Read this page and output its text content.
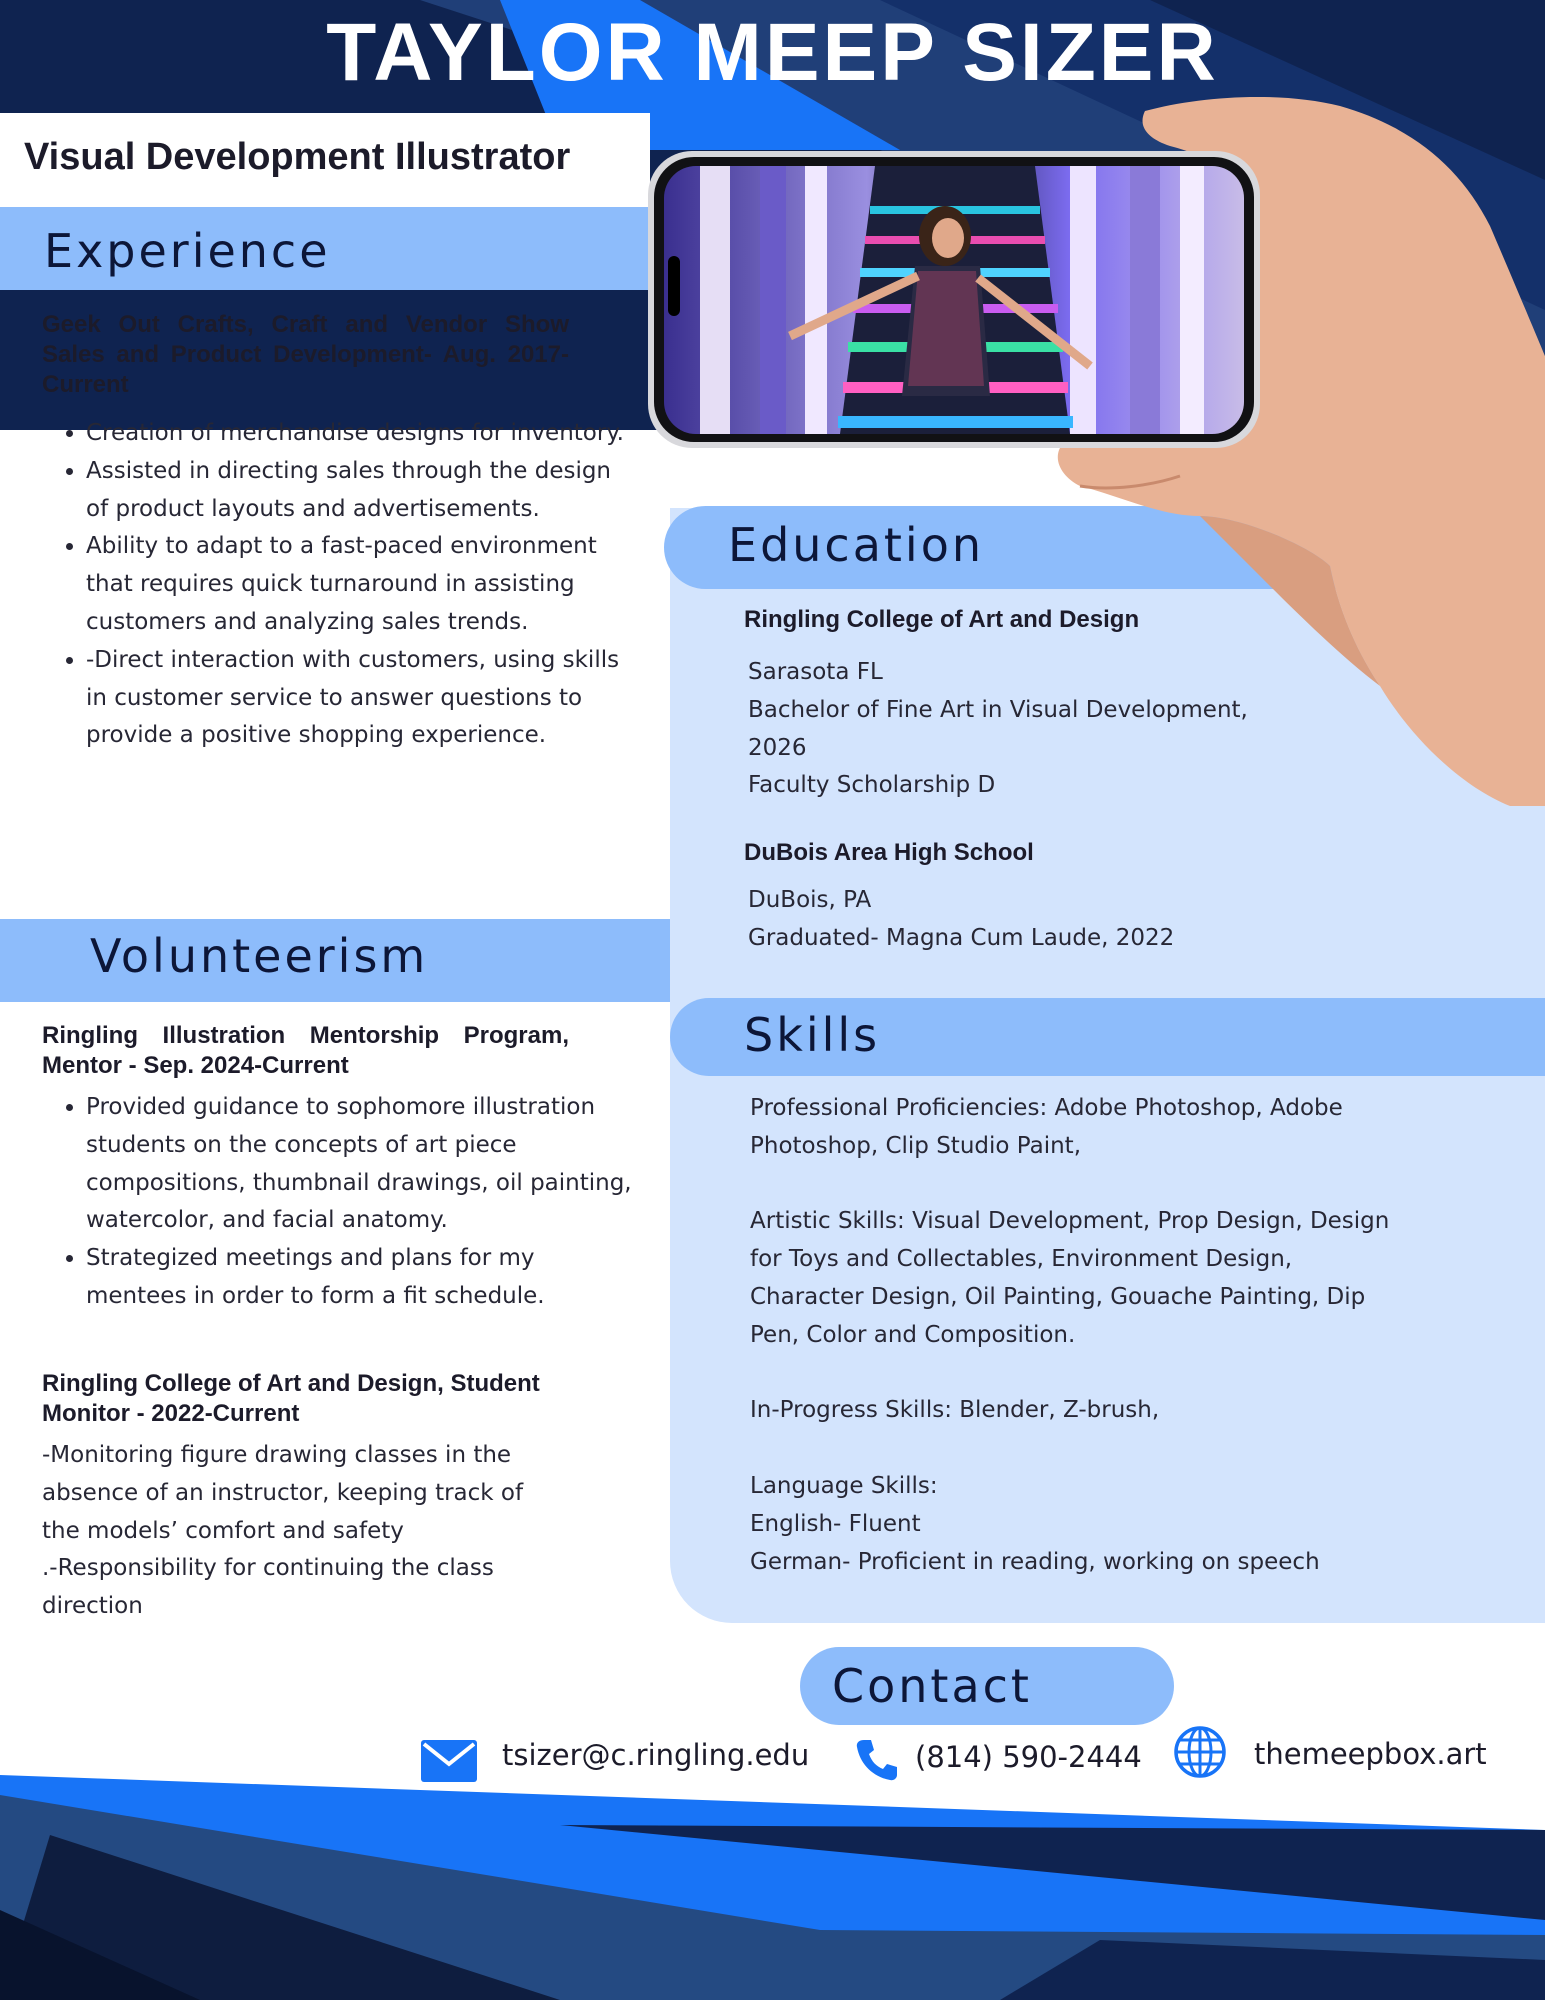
TAYLOR MEEP SIZER
Visual Development Illustrator
Experience
Geek Out Crafts, Craft and Vendor Show Sales and Product Development- Aug. 2017-Current
• Creation of merchandise designs for inventory.
• Assisted in directing sales through the design of product layouts and advertisements.
• Ability to adapt to a fast-paced environment that requires quick turnaround in assisting customers and analyzing sales trends.
• -Direct interaction with customers, using skills in customer service to answer questions to provide a positive shopping experience.
Volunteerism
Ringling Illustration Mentorship Program, Mentor - Sep. 2024-Current
• Provided guidance to sophomore illustration students on the concepts of art piece compositions, thumbnail drawings, oil painting, watercolor, and facial anatomy.
• Strategized meetings and plans for my mentees in order to form a fit schedule.
Ringling College of Art and Design, Student Monitor - 2022-Current
-Monitoring figure drawing classes in the
absence of an instructor, keeping track of
the models’ comfort and safety
.-Responsibility for continuing the class
direction
Education
Ringling College of Art and Design
Sarasota FL
Bachelor of Fine Art in Visual Development,
2026
Faculty Scholarship D
DuBois Area High School
DuBois, PA
Graduated- Magna Cum Laude, 2022
Skills
Professional Proficiencies: Adobe Photoshop, Adobe
Photoshop, Clip Studio Paint,

Artistic Skills: Visual Development, Prop Design, Design
for Toys and Collectables, Environment Design,
Character Design, Oil Painting, Gouache Painting, Dip
Pen, Color and Composition.

In-Progress Skills: Blender, Z-brush,

Language Skills:
English- Fluent
German- Proficient in reading, working on speech
Contact
tsizer@c.ringling.edu	(814) 590-2444	themeepbox.art
